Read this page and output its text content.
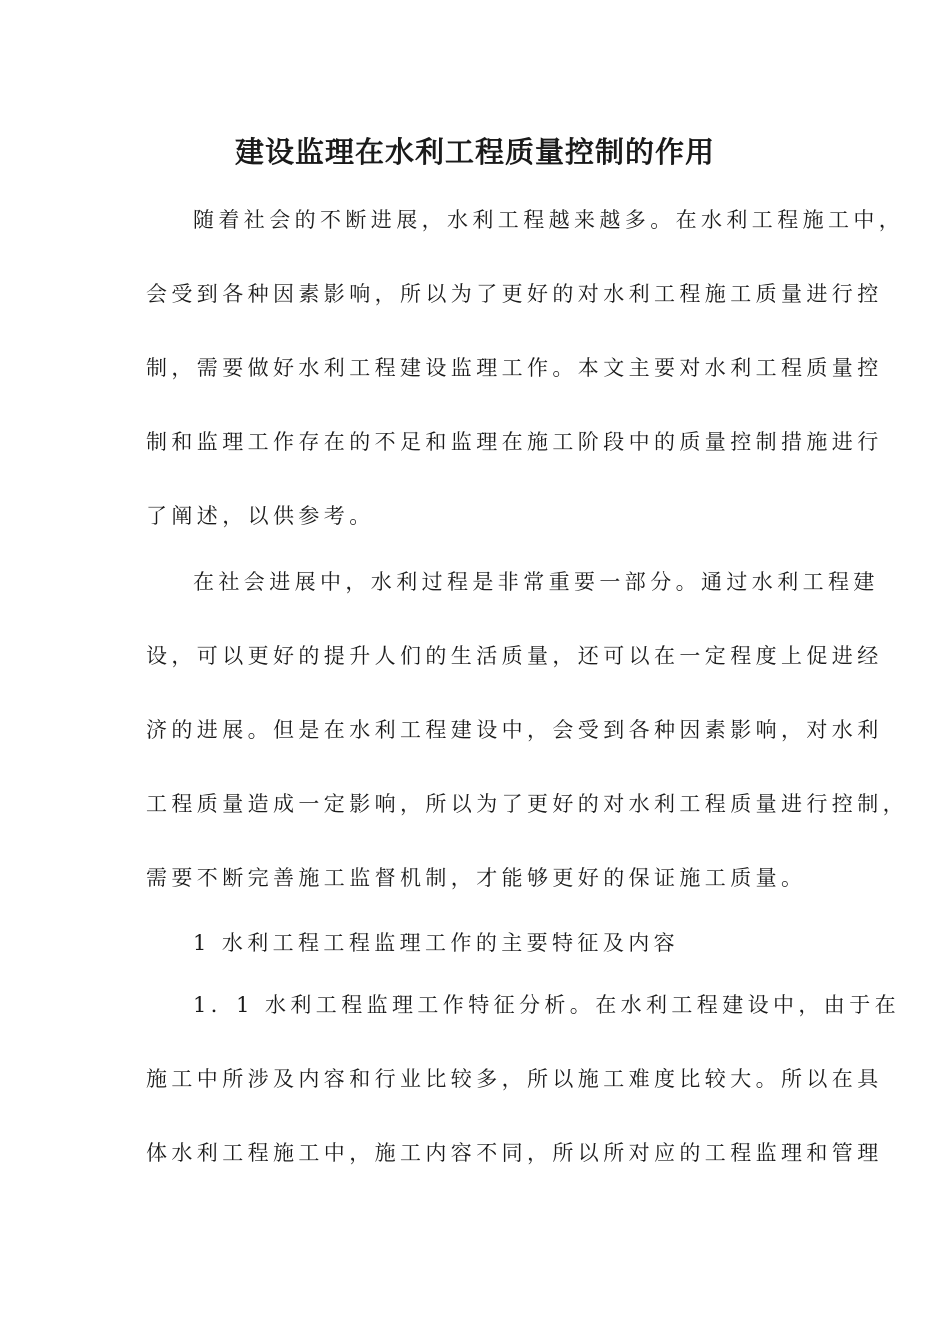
建设监理在水利工程质量控制的作用
随着社会的不断进展，水利工程越来越多。在水利工程施工中，
会受到各种因素影响，所以为了更好的对水利工程施工质量进行控
制，需要做好水利工程建设监理工作。本文主要对水利工程质量控
制和监理工作存在的不足和监理在施工阶段中的质量控制措施进行
了阐述，以供参考。
在社会进展中，水利过程是非常重要一部分。通过水利工程建
设，可以更好的提升人们的生活质量，还可以在一定程度上促进经
济的进展。但是在水利工程建设中，会受到各种因素影响，对水利
工程质量造成一定影响，所以为了更好的对水利工程质量进行控制，
需要不断完善施工监督机制，才能够更好的保证施工质量。
1 水利工程工程监理工作的主要特征及内容
1．1 水利工程监理工作特征分析。在水利工程建设中，由于在
施工中所涉及内容和行业比较多，所以施工难度比较大。所以在具
体水利工程施工中，施工内容不同，所以所对应的工程监理和管理
